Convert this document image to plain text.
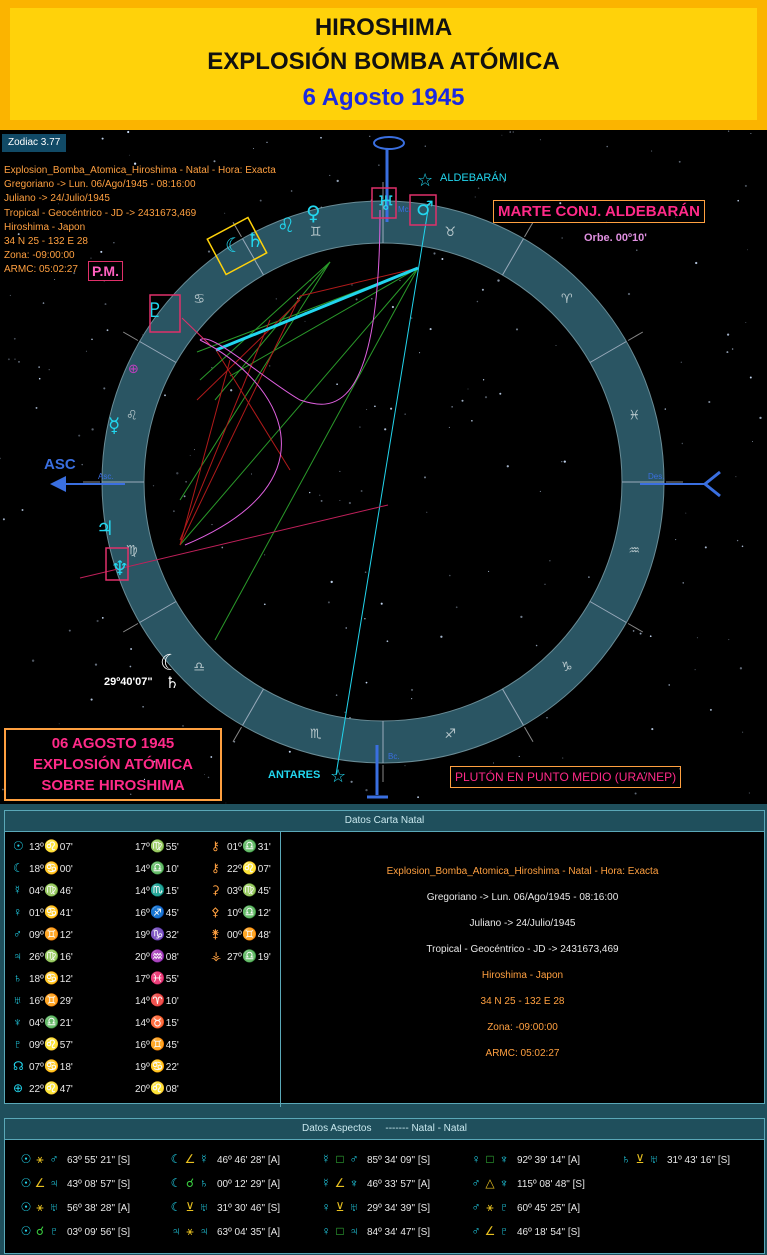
HIROSHIMA
EXPLOSIÓN BOMBA ATÓMICA
6 Agosto 1945
♈
♉
♊
♋
♌
♍
♎
♏	♐
♑
♒
♓
☿
♃
♆
♀
♌
⊕
♅ ♂
☾ ♄
♇
☾
♄
☆
☆
Zodiac 3.77
Explosion_Bomba_Atomica_Hiroshima - Natal - Hora: Exacta
Gregoriano -> Lun. 06/Ago/1945 - 08:16:00
Juliano -> 24/Julio/1945
Tropical - Geocéntrico - JD -> 2431673,469
Hiroshima - Japon
34 N 25 - 132 E 28
Zona: -09:00:00
ARMC: 05:02:27
ALDEBARÁN
ANTARES
MARTE CONJ. ALDEBARÁN
Orbe. 00º10'
P.M.
29º40'07"
06 AGOSTO 1945
EXPLOSIÓN ATÓMICA
SOBRE HIROSHIMA	PLUTÓN EN PUNTO MEDIO (URA/NEP)
ASC
Asc.	Des.
Mc.
Bc.
Datos Carta Natal
☉ 13º♌07'	17º♍55'	⚷ 01º♎31'
☾ 18º♋00'	14º♎10'	⚷ 22º♌07'
☿ 04º♍46'	14º♏15'	⚳ 03º♍45'
♀ 01º♋41'	16º♐45'	⚴ 10º♎12'
♂ 09º♊12'	19º♑32'	⚵ 00º♊48'
♃ 26º♍16'	20º♒08'	⚶ 27º♎19'
♄ 18º♋12'	17º♓55'
♅ 16º♊29'	14º♈10'
♆ 04º♎21'	14º♉15'
♇ 09º♌57'	16º♊45'
☊ 07º♋18'	19º♋22'
⊕ 22º♌47'	20º♌08'
Explosion_Bomba_Atomica_Hiroshima - Natal - Hora: Exacta
Gregoriano -> Lun. 06/Ago/1945 - 08:16:00
Juliano -> 24/Julio/1945
Tropical - Geocéntrico - JD -> 2431673,469
Hiroshima - Japon
34 N 25 - 132 E 28
Zona: -09:00:00
ARMC: 05:02:27
Datos Aspectos ------- Natal - Natal
☉ ⚹ ♂ 63º 55' 21" [S]	☾ ∠ ☿ 46º 46' 28" [A]	☿ □ ♂ 85º 34' 09" [S]	♀ □ ♆ 92º 39' 14" [A]	♄ ⊻ ♅ 31º 43' 16" [S]
☉ ∠ ♃ 43º 08' 57" [S]	☾ ☌ ♄ 00º 12' 29" [A]	☿ ∠ ♆ 46º 33' 57" [A]	♂ △ ♆ 115º 08' 48" [S]
☉ ⚹ ♅ 56º 38' 28" [A]	☾ ⊻ ♅ 31º 30' 46" [S]	♀ ⊻ ♅ 29º 34' 39" [S]	♂ ⚹ ♇ 60º 45' 25" [A]
☉ ☌ ♇ 03º 09' 56" [S]	♃ ⚹ ♃ 63º 04' 35" [A]	♀ □ ♃ 84º 34' 47" [S]	♂ ∠ ♇ 46º 18' 54" [S]
